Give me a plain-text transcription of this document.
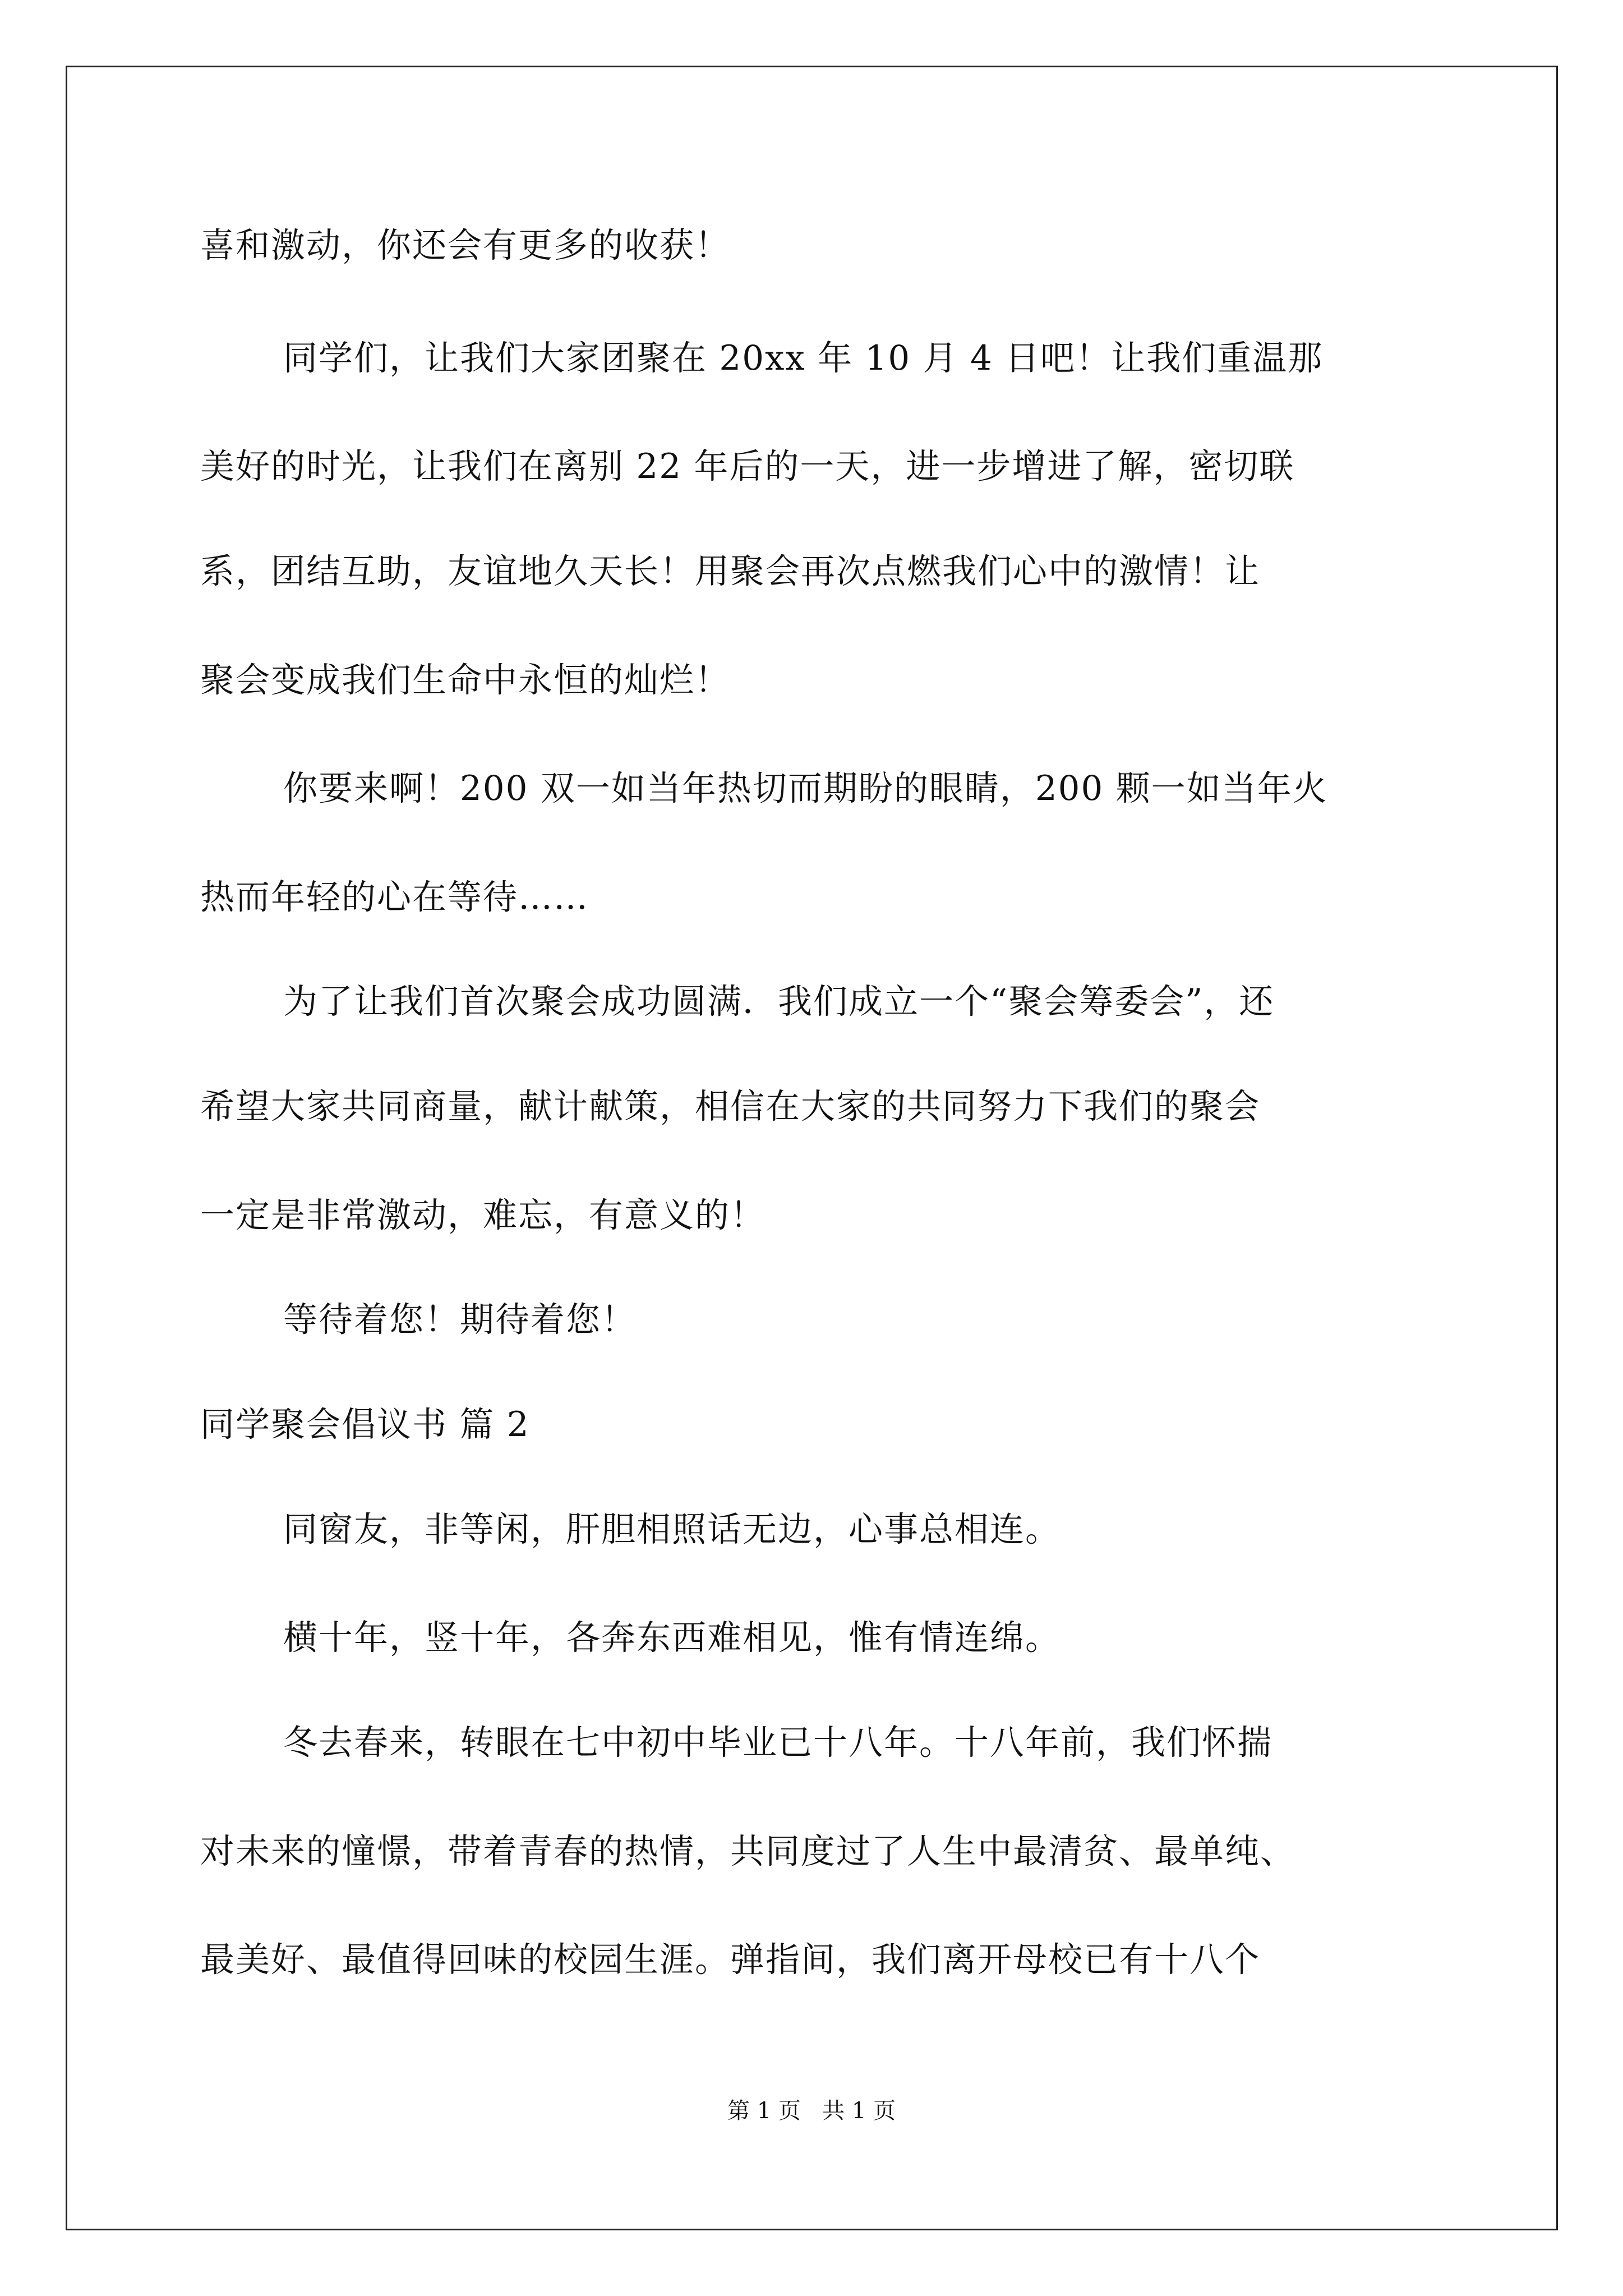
喜和激动，你还会有更多的收获！
同学们，让我们大家团聚在 20xx 年 10 月 4 日吧！让我们重温那
美好的时光，让我们在离别 22 年后的一天，进一步增进了解，密切联
系，团结互助，友谊地久天长！用聚会再次点燃我们心中的激情！让
聚会变成我们生命中永恒的灿烂！
你要来啊！200 双一如当年热切而期盼的眼睛，200 颗一如当年火
热而年轻的心在等待……
为了让我们首次聚会成功圆满．我们成立一个“聚会筹委会”，还
希望大家共同商量，献计献策，相信在大家的共同努力下我们的聚会
一定是非常激动，难忘，有意义的！
等待着您！期待着您！
同学聚会倡议书 篇 2
同窗友，非等闲，肝胆相照话无边，心事总相连。
横十年，竖十年，各奔东西难相见，惟有情连绵。
冬去春来，转眼在七中初中毕业已十八年。十八年前，我们怀揣
对未来的憧憬，带着青春的热情，共同度过了人生中最清贫、最单纯、
最美好、最值得回味的校园生涯。弹指间，我们离开母校已有十八个
第 1 页   共 1 页
